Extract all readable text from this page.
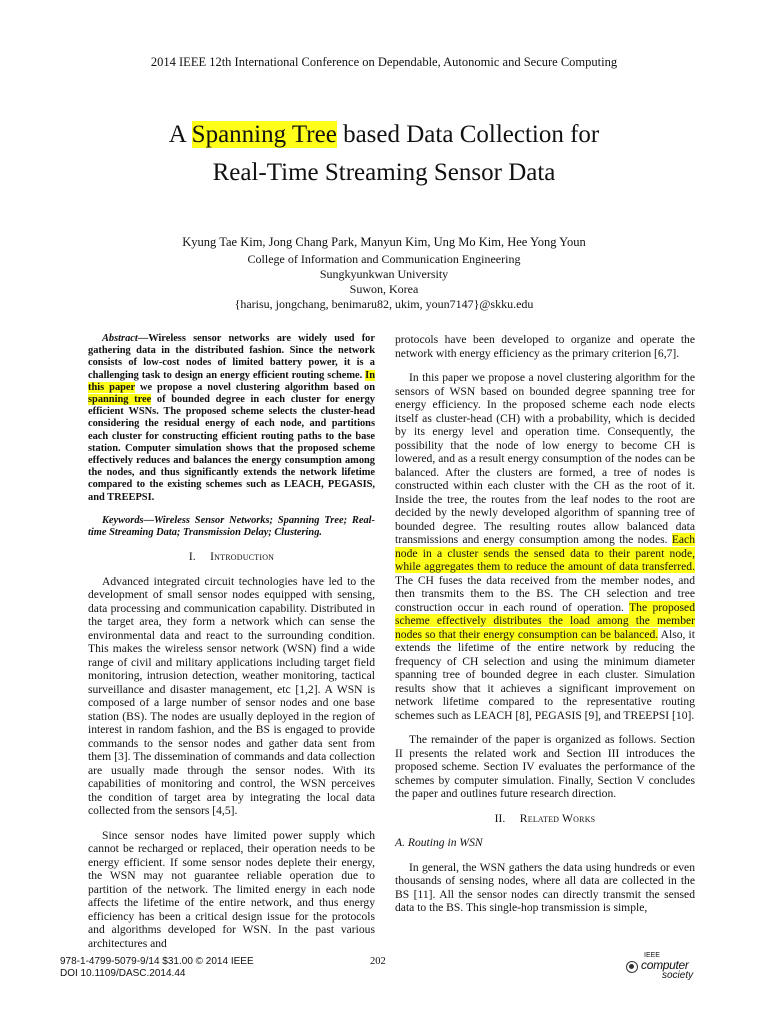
2014 IEEE 12th International Conference on Dependable, Autonomic and Secure Computing
A Spanning Tree based Data Collection for
Real-Time Streaming Sensor Data
Kyung Tae Kim, Jong Chang Park, Manyun Kim, Ung Mo Kim, Hee Yong Youn
College of Information and Communication Engineering
Sungkyunkwan University
Suwon, Korea
{harisu, jongchang, benimaru82, ukim, youn7147}@skku.edu

Abstract—Wireless sensor networks are widely used for gathering data in the distributed fashion. Since the network consists of low-cost nodes of limited battery power, it is a challenging task to design an energy efficient routing scheme. In this paper we propose a novel clustering algorithm based on spanning tree of bounded degree in each cluster for energy efficient WSNs. The proposed scheme selects the cluster-head considering the residual energy of each node, and partitions each cluster for constructing efficient routing paths to the base station. Computer simulation shows that the proposed scheme effectively reduces and balances the energy consumption among the nodes, and thus significantly extends the network lifetime compared to the existing schemes such as LEACH, PEGASIS, and TREEPSI.

Keywords—Wireless Sensor Networks; Spanning Tree; Real-time Streaming Data; Transmission Delay; Clustering.

I. Introduction

Advanced integrated circuit technologies have led to the development of small sensor nodes equipped with sensing, data processing and communication capability. Distributed in the target area, they form a network which can sense the environmental data and react to the surrounding condition. This makes the wireless sensor network (WSN) find a wide range of civil and military applications including target field monitoring, intrusion detection, weather monitoring, tactical surveillance and disaster management, etc [1,2]. A WSN is composed of a large number of sensor nodes and one base station (BS). The nodes are usually deployed in the region of interest in random fashion, and the BS is engaged to provide commands to the sensor nodes and gather data sent from them [3]. The dissemination of commands and data collection are usually made through the sensor nodes. With its capabilities of monitoring and control, the WSN perceives the condition of target area by integrating the local data collected from the sensors [4,5].

Since sensor nodes have limited power supply which cannot be recharged or replaced, their operation needs to be energy efficient. If some sensor nodes deplete their energy, the WSN may not guarantee reliable operation due to partition of the network. The limited energy in each node affects the lifetime of the entire network, and thus energy efficiency has been a critical design issue for the protocols and algorithms developed for WSN. In the past various architectures and

protocols have been developed to organize and operate the network with energy efficiency as the primary criterion [6,7].

In this paper we propose a novel clustering algorithm for the sensors of WSN based on bounded degree spanning tree for energy efficiency. In the proposed scheme each node elects itself as cluster-head (CH) with a probability, which is decided by its energy level and operation time. Consequently, the possibility that the node of low energy to become CH is lowered, and as a result energy consumption of the nodes can be balanced. After the clusters are formed, a tree of nodes is constructed within each cluster with the CH as the root of it. Inside the tree, the routes from the leaf nodes to the root are decided by the newly developed algorithm of spanning tree of bounded degree. The resulting routes allow balanced data transmissions and energy consumption among the nodes. Each node in a cluster sends the sensed data to their parent node, while aggregates them to reduce the amount of data transferred. The CH fuses the data received from the member nodes, and then transmits them to the BS. The CH selection and tree construction occur in each round of operation. The proposed scheme effectively distributes the load among the member nodes so that their energy consumption can be balanced. Also, it extends the lifetime of the entire network by reducing the frequency of CH selection and using the minimum diameter spanning tree of bounded degree in each cluster. Simulation results show that it achieves a significant improvement on network lifetime compared to the representative routing schemes such as LEACH [8], PEGASIS [9], and TREEPSI [10].

The remainder of the paper is organized as follows. Section II presents the related work and Section III introduces the proposed scheme. Section IV evaluates the performance of the schemes by computer simulation. Finally, Section V concludes the paper and outlines future research direction.

II. Related Works

A. Routing in WSN

In general, the WSN gathers the data using hundreds or even thousands of sensing nodes, where all data are collected in the BS [11]. All the sensor nodes can directly transmit the sensed data to the BS. This single-hop transmission is simple,

978-1-4799-5079-9/14 $31.00 © 2014 IEEE
DOI 10.1109/DASC.2014.44
202
IEEE
computer
society
